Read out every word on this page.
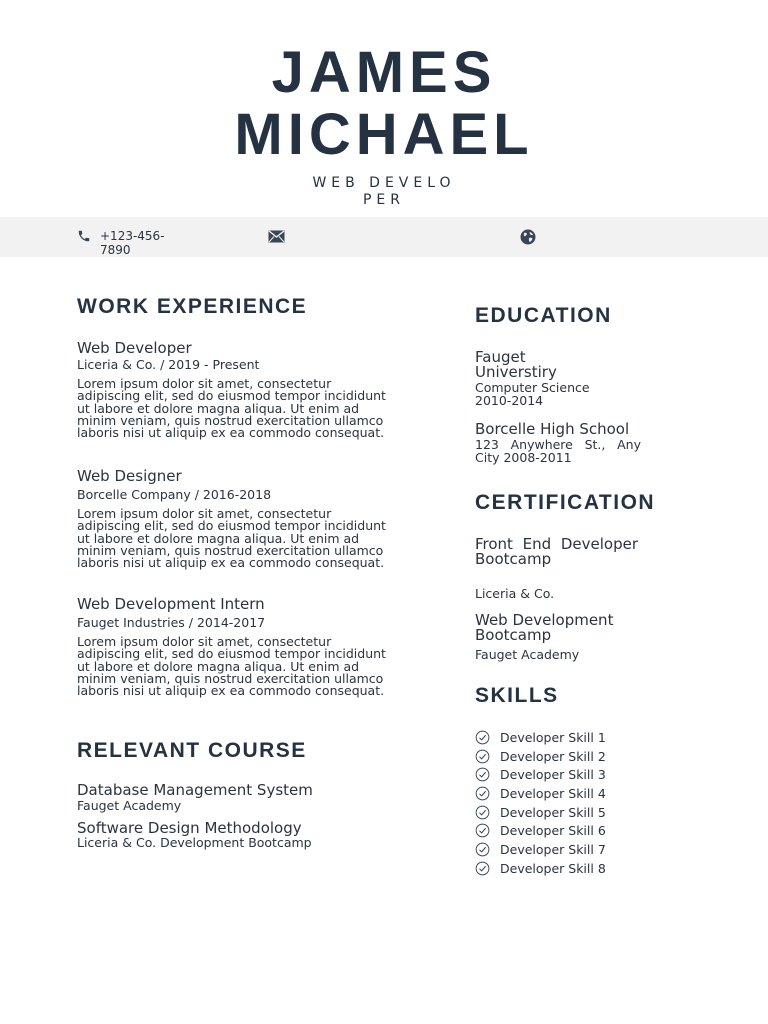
JAMES
MICHAEL
WEB DEVELO
PER
+123-456-
7890
WORK EXPERIENCE
Web Developer
Liceria & Co. / 2019 - Present
Lorem ipsum dolor sit amet, consectetur adipiscing elit, sed do eiusmod tempor incididunt ut labore et dolore magna aliqua. Ut enim ad minim veniam, quis nostrud exercitation ullamco laboris nisi ut aliquip ex ea commodo consequat.
Web Designer
Borcelle Company / 2016-2018
Lorem ipsum dolor sit amet, consectetur adipiscing elit, sed do eiusmod tempor incididunt ut labore et dolore magna aliqua. Ut enim ad minim veniam, quis nostrud exercitation ullamco laboris nisi ut aliquip ex ea commodo consequat.
Web Development Intern
Fauget Industries / 2014-2017
Lorem ipsum dolor sit amet, consectetur adipiscing elit, sed do eiusmod tempor incididunt ut labore et dolore magna aliqua. Ut enim ad minim veniam, quis nostrud exercitation ullamco laboris nisi ut aliquip ex ea commodo consequat.
RELEVANT COURSE
Database Management System
Fauget Academy
Software Design Methodology
Liceria & Co. Development Bootcamp
EDUCATION
Fauget Universtiry
Computer Science 2010-2014
Borcelle High School
123 Anywhere St., Any City 2008-2011
CERTIFICATION
Front End Developer Bootcamp
Liceria & Co.
Web Development Bootcamp
Fauget Academy
SKILLS
Developer Skill 1
Developer Skill 2
Developer Skill 3
Developer Skill 4
Developer Skill 5
Developer Skill 6
Developer Skill 7
Developer Skill 8
